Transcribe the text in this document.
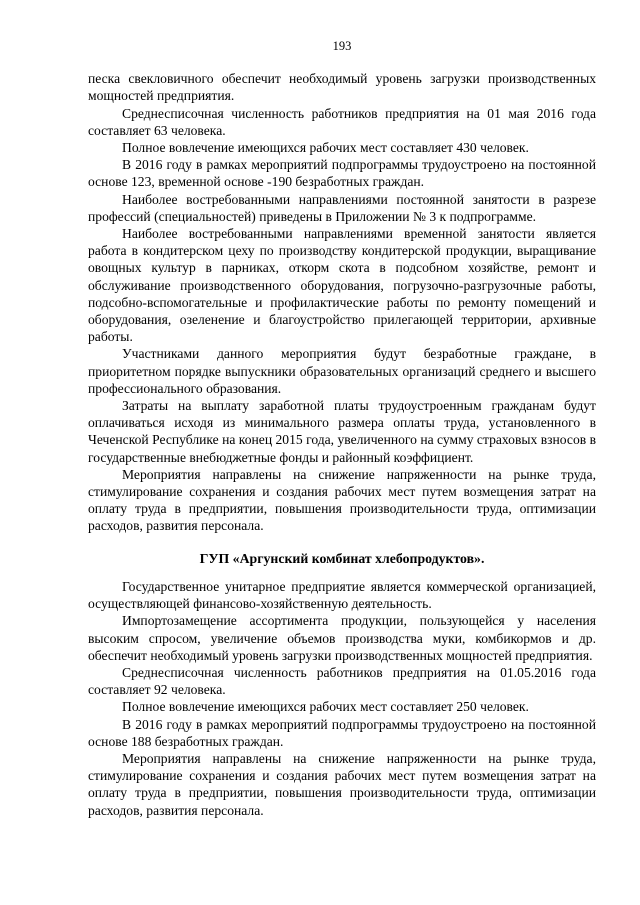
193

песка свекловичного обеспечит необходимый уровень загрузки производственных мощностей предприятия.

Среднесписочная численность работников предприятия на 01 мая 2016 года составляет 63 человека.

Полное вовлечение имеющихся рабочих мест составляет 430 человек.

В 2016 году в рамках мероприятий подпрограммы трудоустроено на постоянной основе 123, временной основе -190 безработных граждан.

Наиболее востребованными направлениями постоянной занятости в разрезе профессий (специальностей) приведены в Приложении № 3 к подпрограмме.

Наиболее востребованными направлениями временной занятости является работа в кондитерском цеху по производству кондитерской продукции, выращивание овощных культур в парниках, откорм скота в подсобном хозяйстве, ремонт и обслуживание производственного оборудования, погрузочно-разгрузочные работы, подсобно-вспомогательные и профилактические работы по ремонту помещений и оборудования, озеленение и благоустройство прилегающей территории, архивные работы.

Участниками данного мероприятия будут безработные граждане, в приоритетном порядке выпускники образовательных организаций среднего и высшего профессионального образования.

Затраты на выплату заработной платы трудоустроенным гражданам будут оплачиваться исходя из минимального размера оплаты труда, установленного в Чеченской Республике на конец 2015 года, увеличенного на сумму страховых взносов в государственные внебюджетные фонды и районный коэффициент.

Мероприятия направлены на снижение напряженности на рынке труда, стимулирование сохранения и создания рабочих мест путем возмещения затрат на оплату труда в предприятии, повышения производительности труда, оптимизации расходов, развития персонала.

ГУП «Аргунский комбинат хлебопродуктов».

Государственное унитарное предприятие является коммерческой организацией, осуществляющей финансово-хозяйственную деятельность.

Импортозамещение ассортимента продукции, пользующейся у населения высоким спросом, увеличение объемов производства муки, комбикормов и др. обеспечит необходимый уровень загрузки производственных мощностей предприятия.

Среднесписочная численность работников предприятия на 01.05.2016 года составляет 92 человека.

Полное вовлечение имеющихся рабочих мест составляет 250 человек.

В 2016 году в рамках мероприятий подпрограммы трудоустроено на постоянной основе 188 безработных граждан.

Мероприятия направлены на снижение напряженности на рынке труда, стимулирование сохранения и создания рабочих мест путем возмещения затрат на оплату труда в предприятии, повышения производительности труда, оптимизации расходов, развития персонала.
